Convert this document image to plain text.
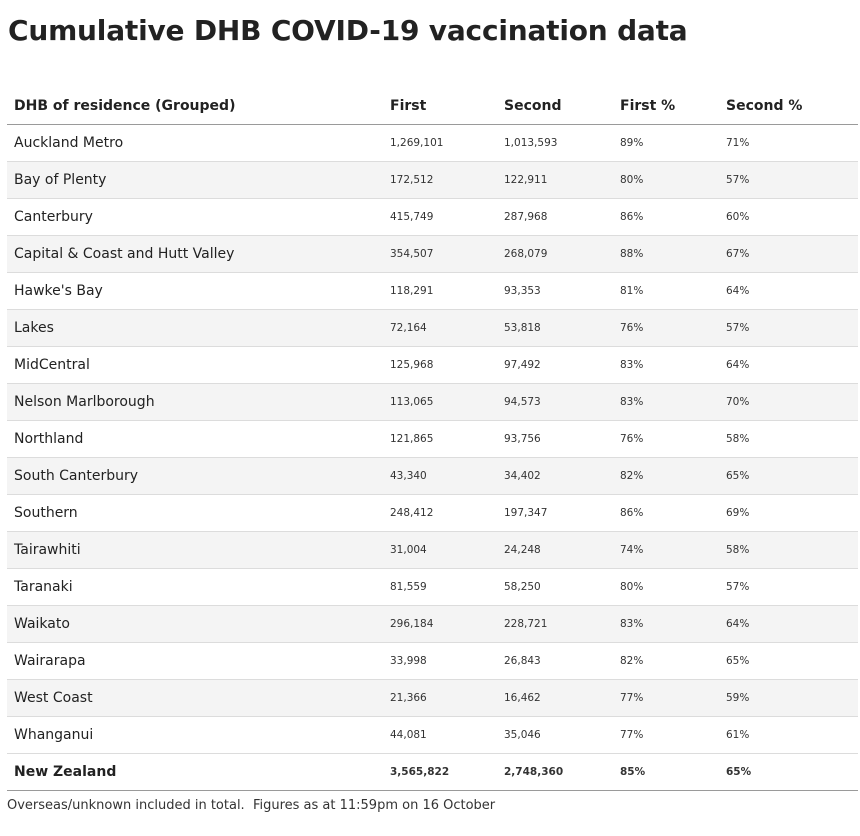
Cumulative DHB COVID-19 vaccination data
DHB of residence (Grouped)	First	Second	First %	Second %
Auckland Metro	1,269,101	1,013,593	89%	71%
Bay of Plenty	172,512	122,911	80%	57%
Canterbury	415,749	287,968	86%	60%
Capital & Coast and Hutt Valley	354,507	268,079	88%	67%
Hawke's Bay	118,291	93,353	81%	64%
Lakes	72,164	53,818	76%	57%
MidCentral	125,968	97,492	83%	64%
Nelson Marlborough	113,065	94,573	83%	70%
Northland	121,865	93,756	76%	58%
South Canterbury	43,340	34,402	82%	65%
Southern	248,412	197,347	86%	69%
Tairawhiti	31,004	24,248	74%	58%
Taranaki	81,559	58,250	80%	57%
Waikato	296,184	228,721	83%	64%
Wairarapa	33,998	26,843	82%	65%
West Coast	21,366	16,462	77%	59%
Whanganui	44,081	35,046	77%	61%
New Zealand	3,565,822	2,748,360	85%	65%
Overseas/unknown included in total.  Figures as at 11:59pm on 16 October
